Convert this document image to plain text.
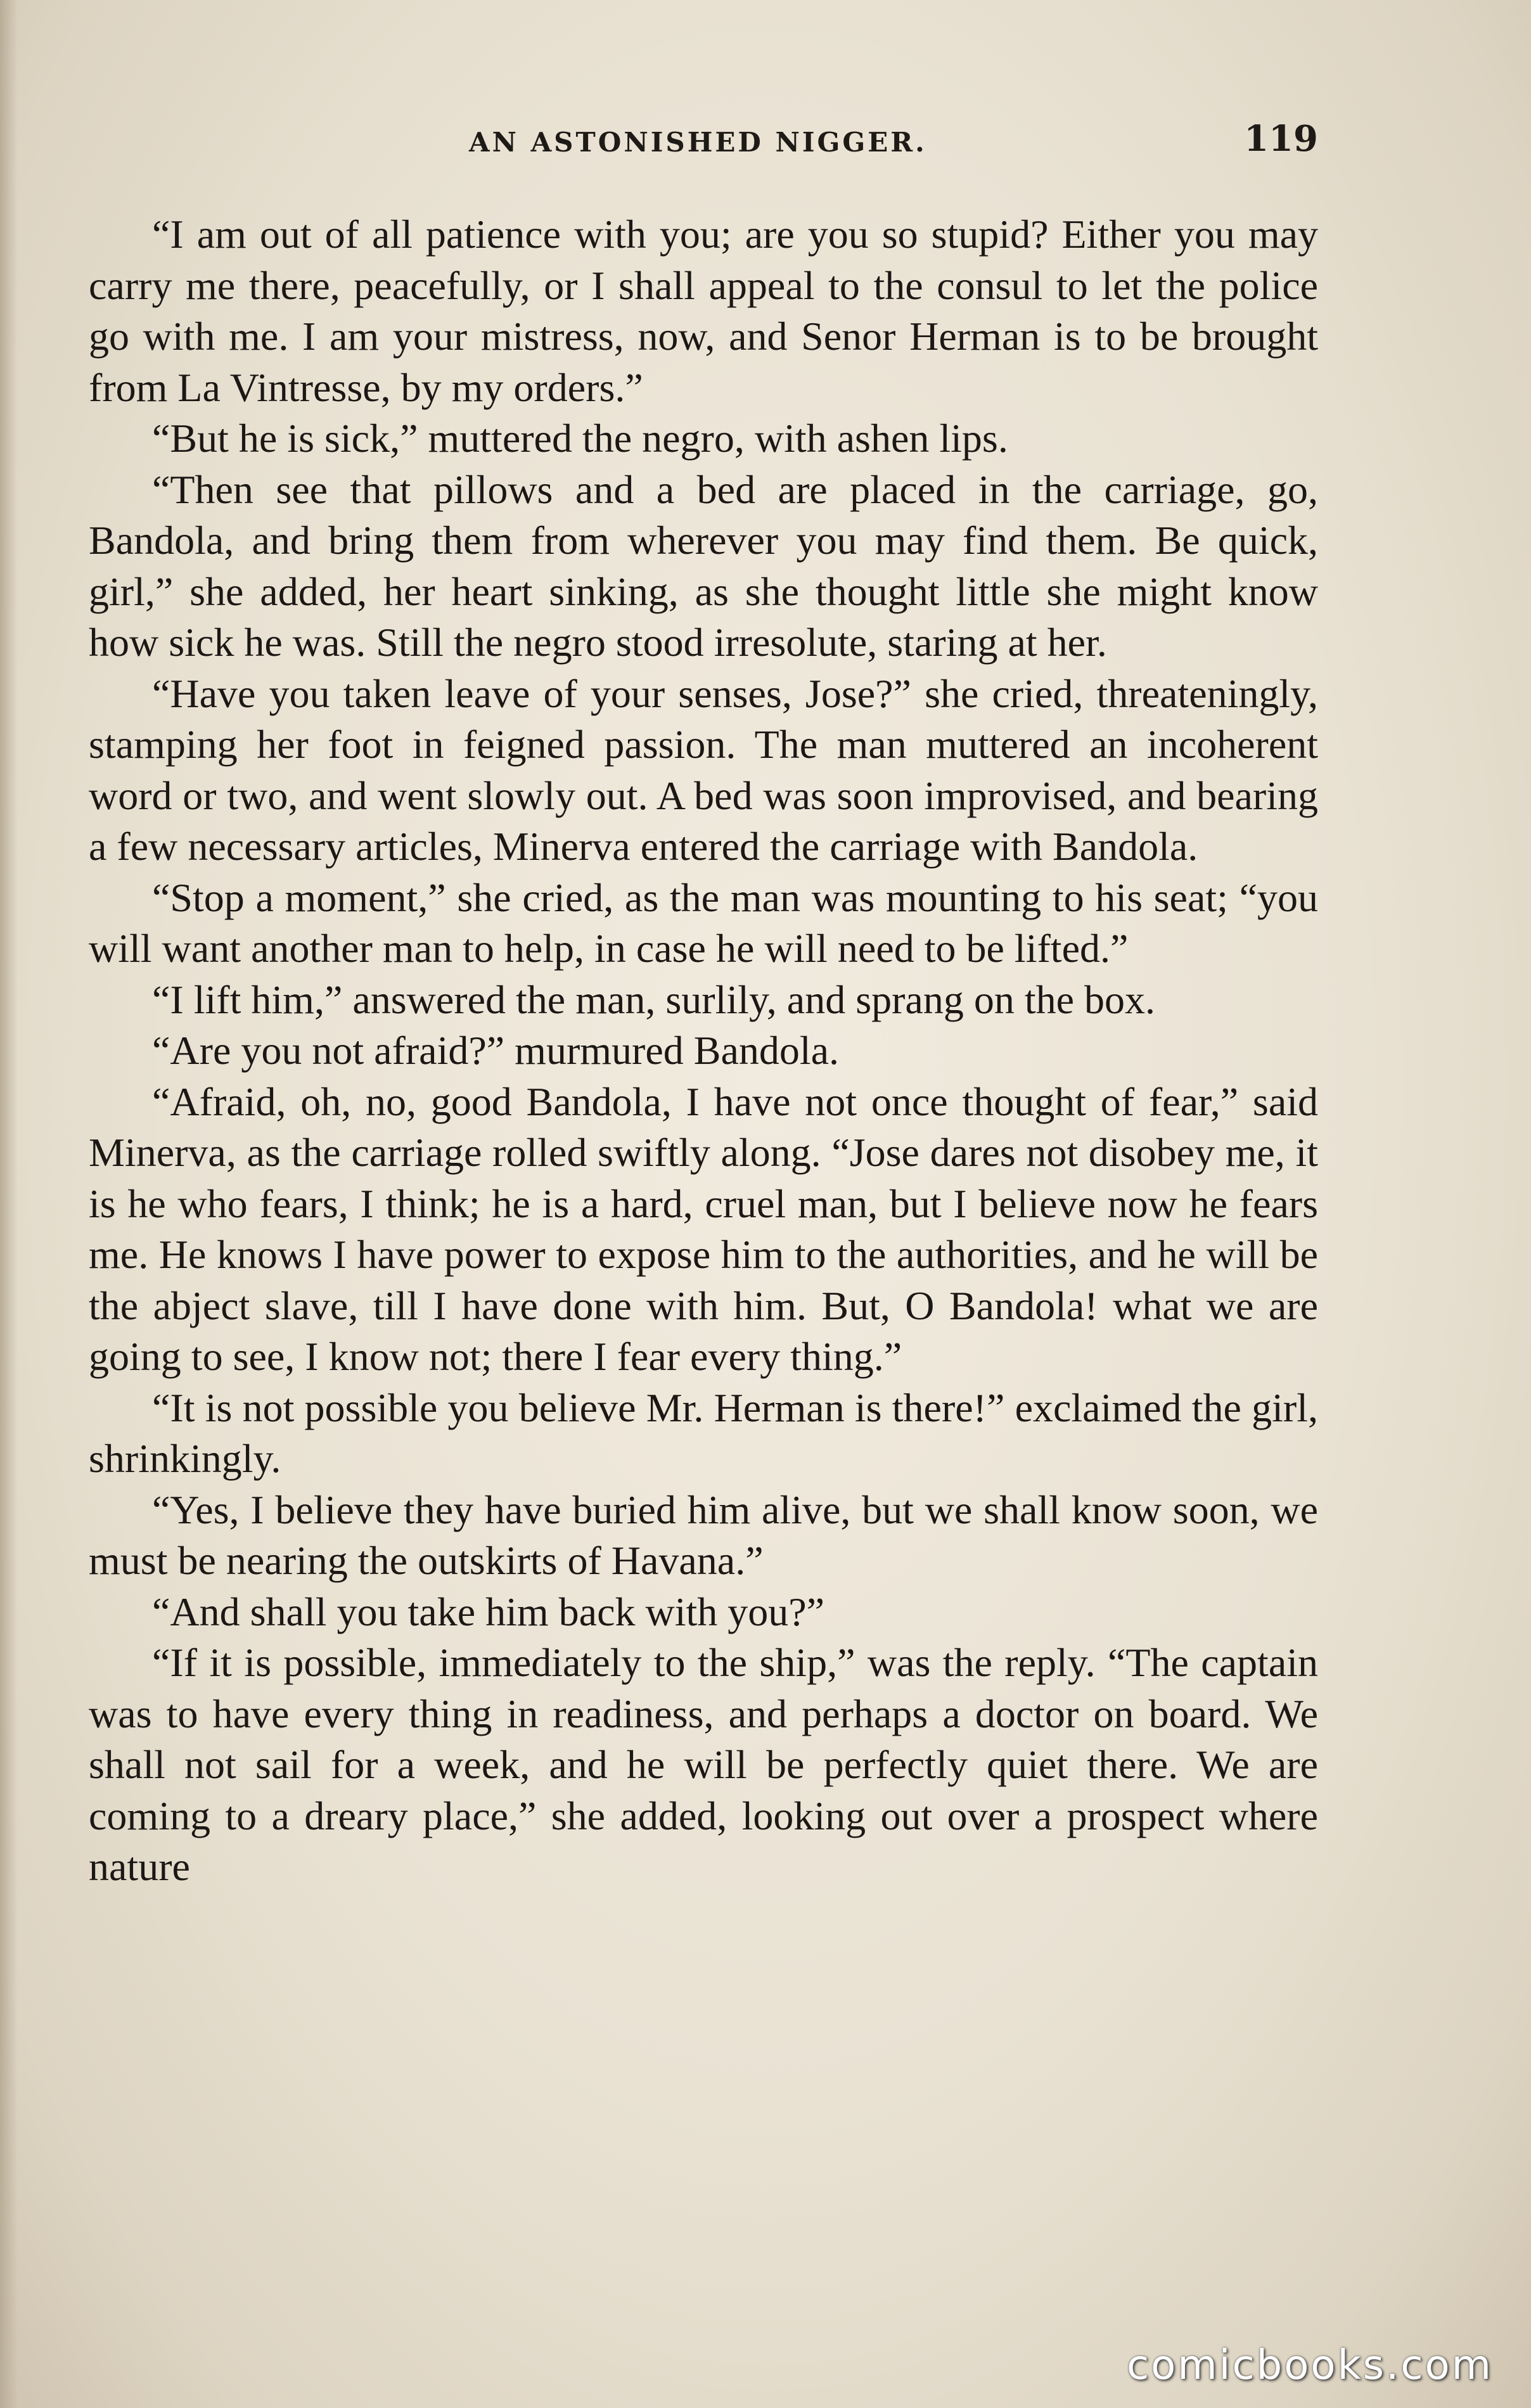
AN ASTONISHED NIGGER.	119

“I am out of all patience with you; are you so stupid? Either you may carry me there, peacefully, or I shall appeal to the consul to let the police go with me. I am your mistress, now, and Senor Herman is to be brought from La Vintresse, by my orders.”

“But he is sick,” muttered the negro, with ashen lips.

“Then see that pillows and a bed are placed in the carriage, go, Bandola, and bring them from wherever you may find them. Be quick, girl,” she added, her heart sinking, as she thought little she might know how sick he was. Still the negro stood irresolute, staring at her.

“Have you taken leave of your senses, Jose?” she cried, threateningly, stamping her foot in feigned passion. The man muttered an incoherent word or two, and went slowly out. A bed was soon improvised, and bearing a few necessary articles, Minerva entered the carriage with Bandola.

“Stop a moment,” she cried, as the man was mounting to his seat; “you will want another man to help, in case he will need to be lifted.”

“I lift him,” answered the man, surlily, and sprang on the box.

“Are you not afraid?” murmured Bandola.

“Afraid, oh, no, good Bandola, I have not once thought of fear,” said Minerva, as the carriage rolled swiftly along. “Jose dares not disobey me, it is he who fears, I think; he is a hard, cruel man, but I believe now he fears me. He knows I have power to expose him to the authorities, and he will be the abject slave, till I have done with him. But, O Bandola! what we are going to see, I know not; there I fear every thing.”

“It is not possible you believe Mr. Herman is there!” exclaimed the girl, shrinkingly.

“Yes, I believe they have buried him alive, but we shall know soon, we must be nearing the outskirts of Havana.”

“And shall you take him back with you?”

“If it is possible, immediately to the ship,” was the reply. “The captain was to have every thing in readiness, and perhaps a doctor on board. We shall not sail for a week, and he will be perfectly quiet there. We are coming to a dreary place,” she added, looking out over a prospect where nature

comicbooks.com
